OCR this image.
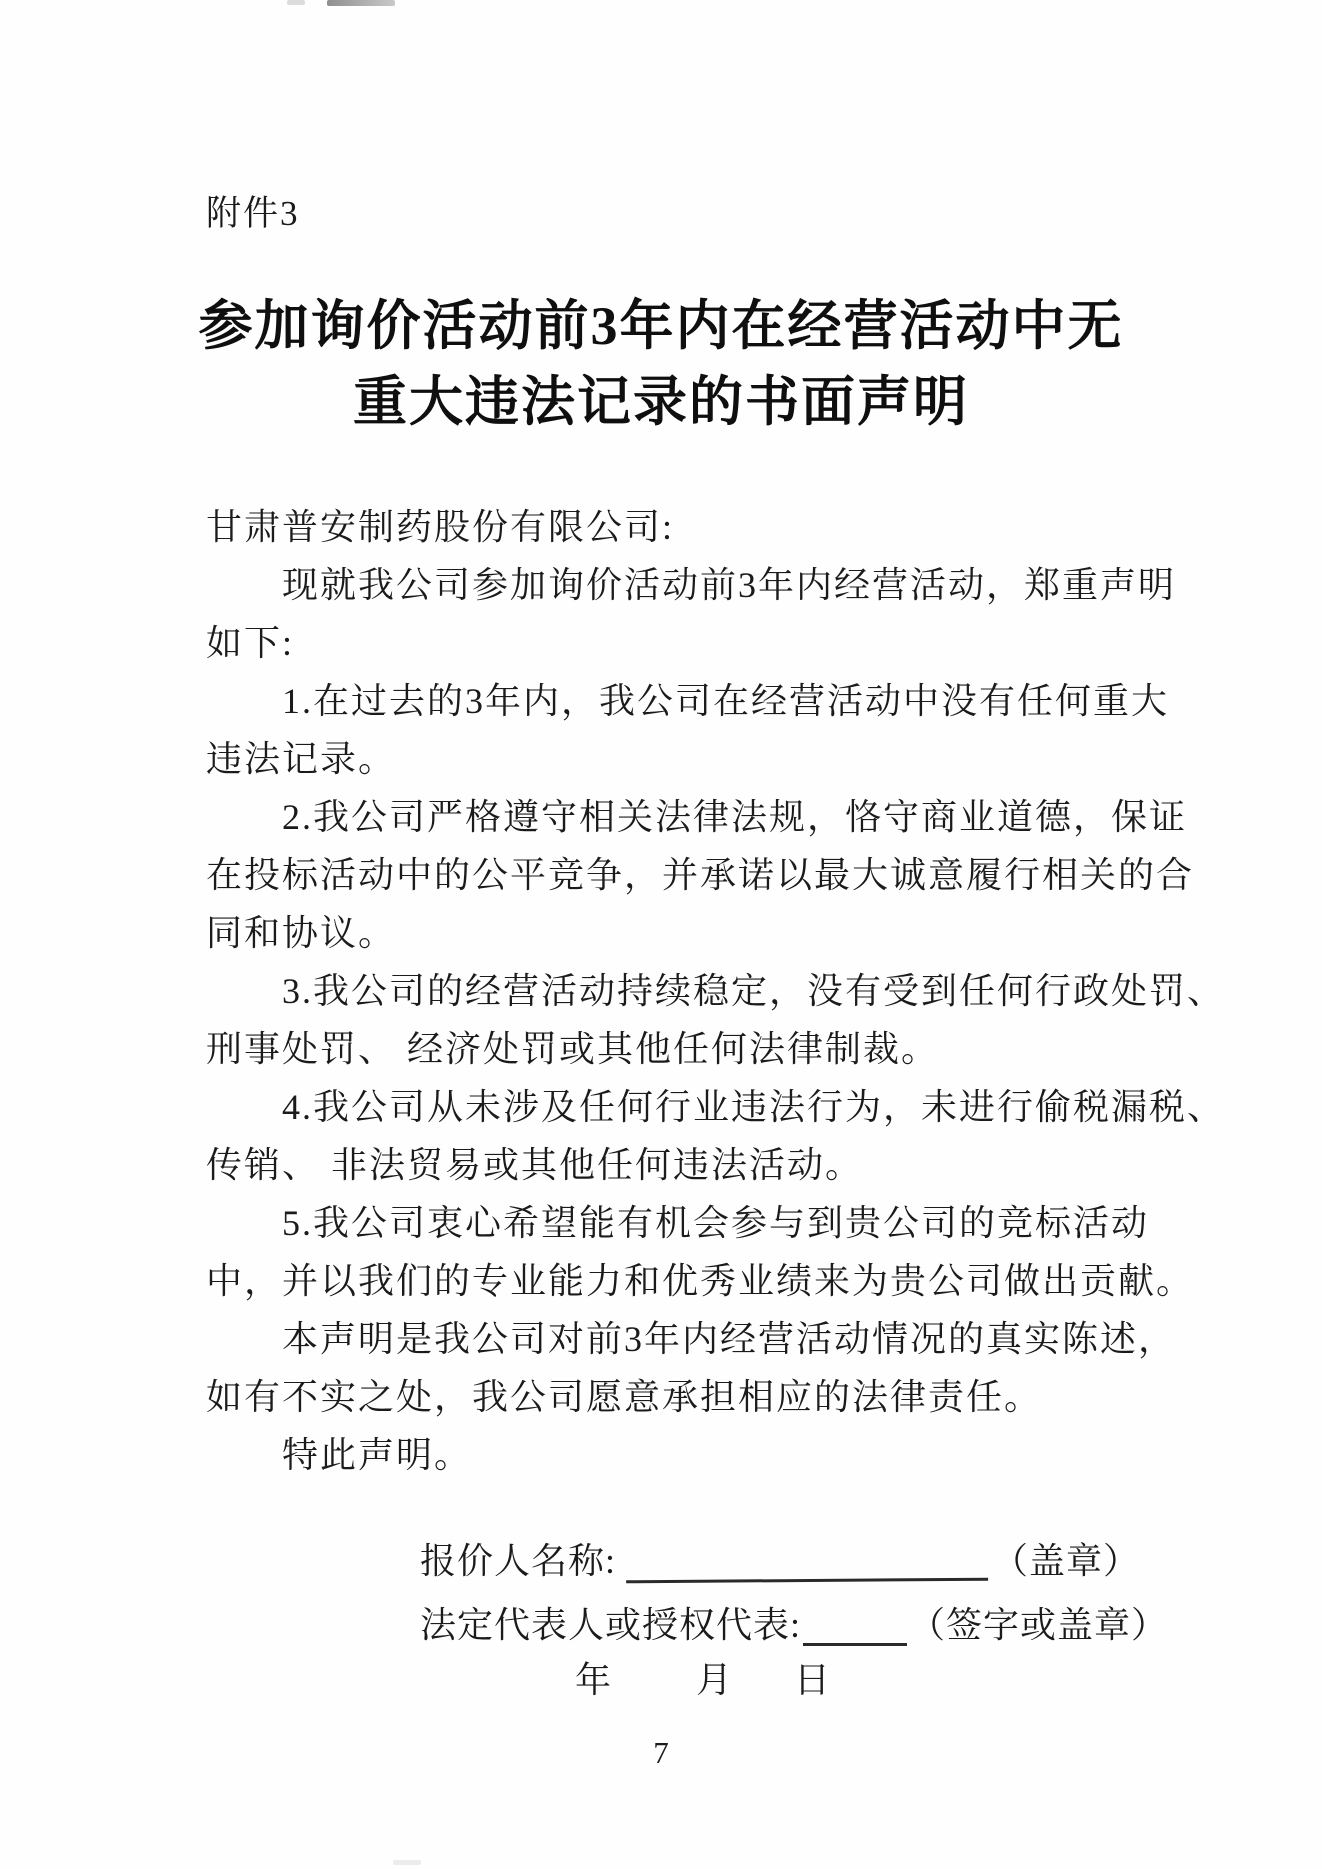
附件3
参加询价活动前3年内在经营活动中无
重大违法记录的书面声明
甘肃普安制药股份有限公司:
现就我公司参加询价活动前3年内经营活动，郑重声明
如下:
1.在过去的3年内，我公司在经营活动中没有任何重大
违法记录。
2.我公司严格遵守相关法律法规，恪守商业道德，保证
在投标活动中的公平竞争，并承诺以最大诚意履行相关的合
同和协议。
3.我公司的经营活动持续稳定，没有受到任何行政处罚、
刑事处罚、 经济处罚或其他任何法律制裁。
4.我公司从未涉及任何行业违法行为，未进行偷税漏税、
传销、 非法贸易或其他任何违法活动。
5.我公司衷心希望能有机会参与到贵公司的竞标活动
中，并以我们的专业能力和优秀业绩来为贵公司做出贡献。
本声明是我公司对前3年内经营活动情况的真实陈述，
如有不实之处，我公司愿意承担相应的法律责任。
特此声明。
报价人名称:	（盖章）
法定代表人或授权代表:	（签字或盖章）
年 月 日
7
